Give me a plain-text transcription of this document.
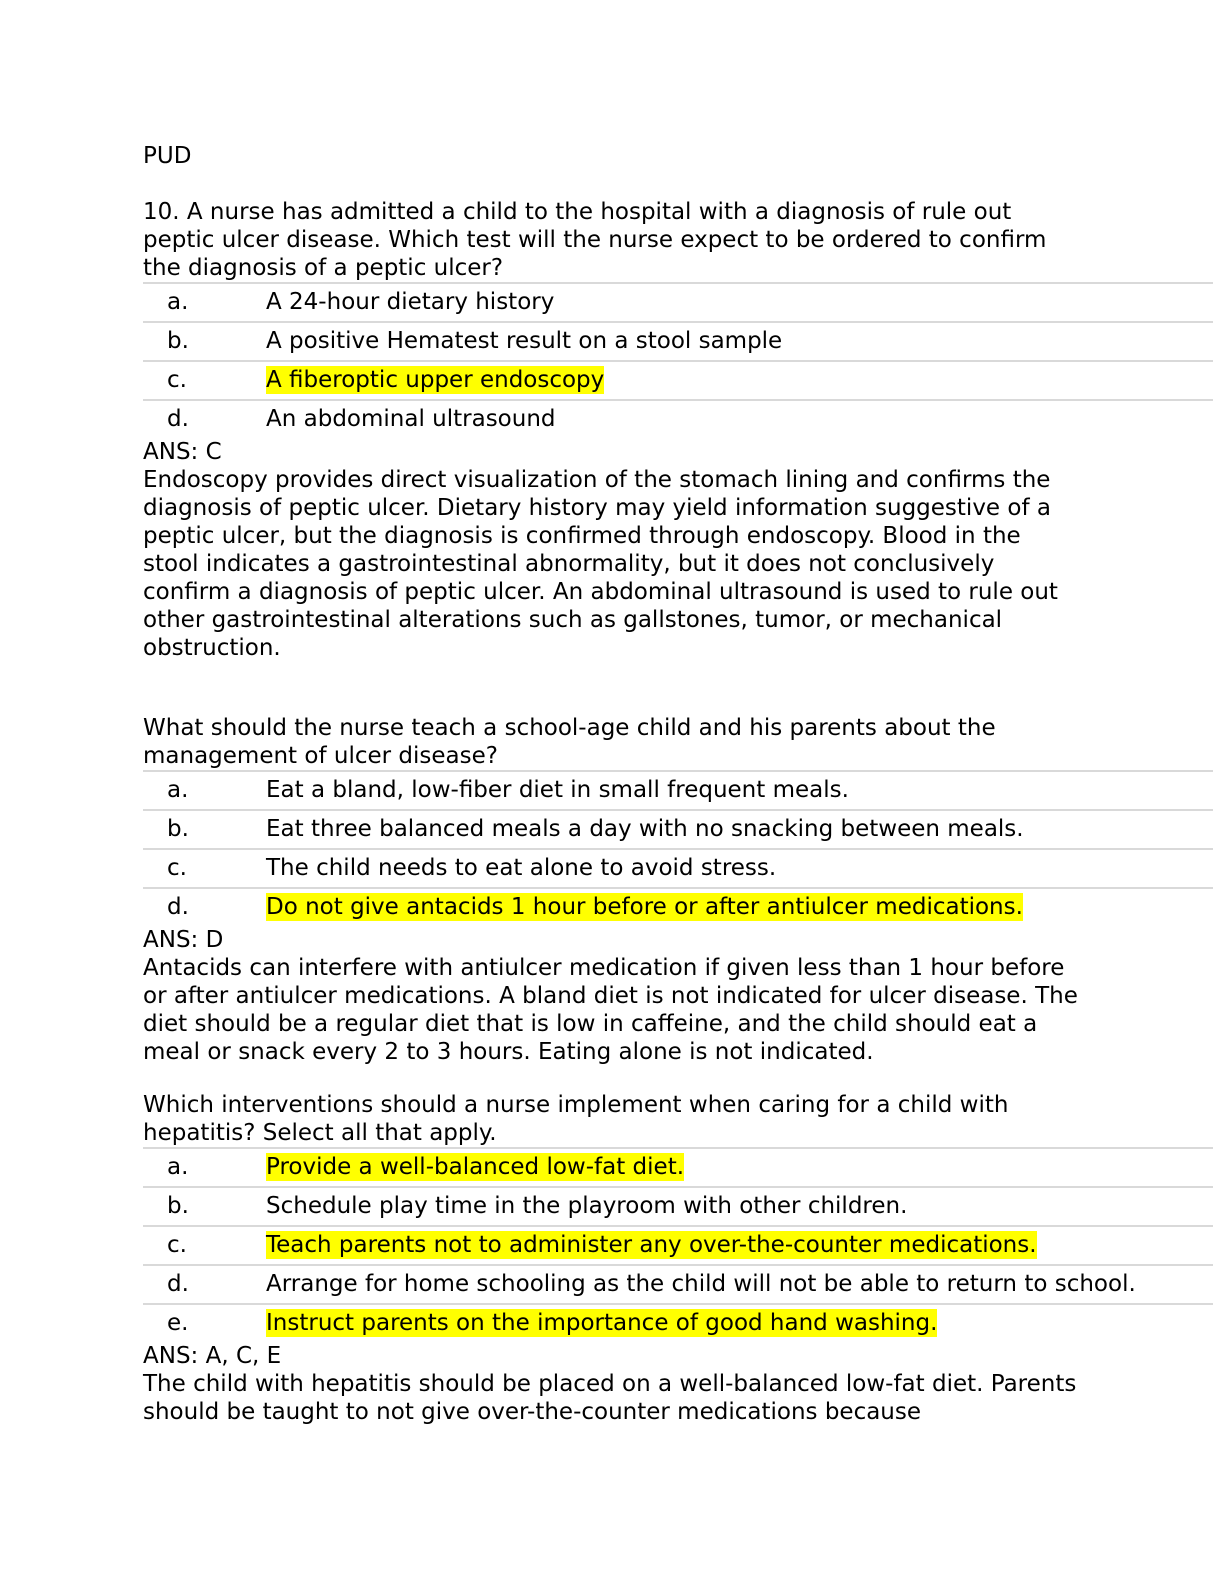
PUD

10. A nurse has admitted a child to the hospital with a diagnosis of rule out peptic ulcer disease. Which test will the nurse expect to be ordered to confirm the diagnosis of a peptic ulcer?

a.	A 24-hour dietary history
b.	A positive Hematest result on a stool sample
c.	A fiberoptic upper endoscopy
d.	An abdominal ultrasound

ANS: C

Endoscopy provides direct visualization of the stomach lining and confirms the diagnosis of peptic ulcer. Dietary history may yield information suggestive of a peptic ulcer, but the diagnosis is confirmed through endoscopy. Blood in the stool indicates a gastrointestinal abnormality, but it does not conclusively confirm a diagnosis of peptic ulcer. An abdominal ultrasound is used to rule out other gastrointestinal alterations such as gallstones, tumor, or mechanical obstruction.

What should the nurse teach a school-age child and his parents about the management of ulcer disease?

a.	Eat a bland, low-fiber diet in small frequent meals.
b.	Eat three balanced meals a day with no snacking between meals.
c.	The child needs to eat alone to avoid stress.
d.	Do not give antacids 1 hour before or after antiulcer medications.

ANS: D

Antacids can interfere with antiulcer medication if given less than 1 hour before or after antiulcer medications. A bland diet is not indicated for ulcer disease. The diet should be a regular diet that is low in caffeine, and the child should eat a meal or snack every 2 to 3 hours. Eating alone is not indicated.

Which interventions should a nurse implement when caring for a child with hepatitis? Select all that apply.

a.	Provide a well-balanced low-fat diet.
b.	Schedule play time in the playroom with other children.
c.	Teach parents not to administer any over-the-counter medications.
d.	Arrange for home schooling as the child will not be able to return to school.
e.	Instruct parents on the importance of good hand washing.

ANS: A, C, E

The child with hepatitis should be placed on a well-balanced low-fat diet. Parents should be taught to not give over-the-counter medications because
